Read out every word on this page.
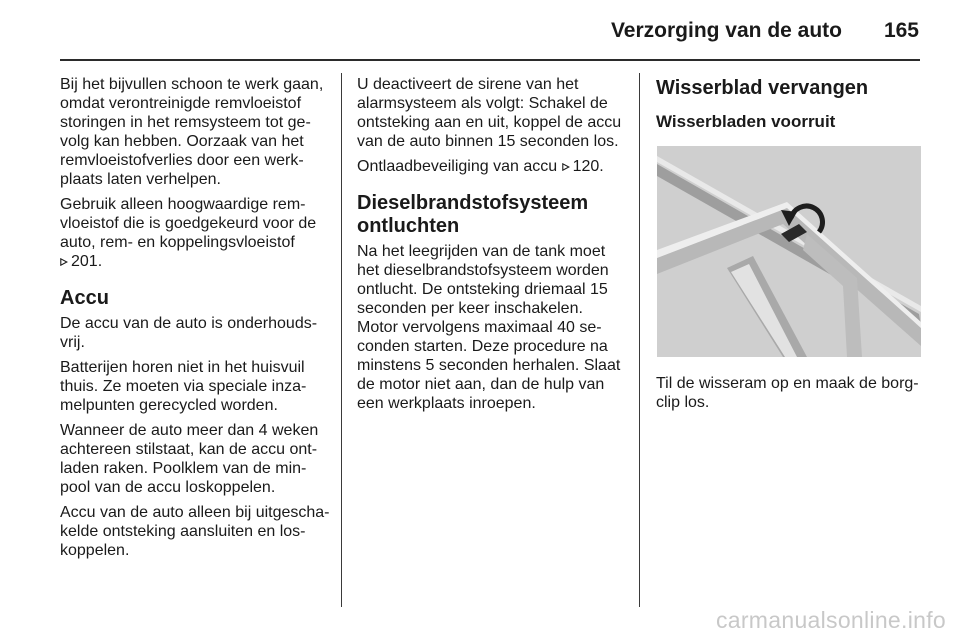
Verzorging van de auto 165

Bij het bijvullen schoon te werk gaan, omdat verontreinigde remvloeistof storingen in het remsysteem tot ge-volg kan hebben. Oorzaak van het remvloeistofverlies door een werk-plaats laten verhelpen.

Gebruik alleen hoogwaardige rem-vloeistof die is goedgekeurd voor de auto, rem- en koppelingsvloeistof
201.

Accu

De accu van de auto is onderhouds-vrij.

Batterijen horen niet in het huisvuil thuis. Ze moeten via speciale inza-melpunten gerecycled worden.

Wanneer de auto meer dan 4 weken achtereen stilstaat, kan de accu ont-laden raken. Poolklem van de min-pool van de accu loskoppelen.

Accu van de auto alleen bij uitgescha-kelde ontsteking aansluiten en los-koppelen.

U deactiveert de sirene van het alarmsysteem als volgt: Schakel de ontsteking aan en uit, koppel de accu van de auto binnen 15 seconden los.

Ontlaadbeveiliging van accu 120.

Dieselbrandstofsysteem ontluchten

Na het leegrijden van de tank moet het dieselbrandstofsysteem worden ontlucht. De ontsteking driemaal 15 seconden per keer inschakelen. Motor vervolgens maximaal 40 se-conden starten. Deze procedure na minstens 5 seconden herhalen. Slaat de motor niet aan, dan de hulp van een werkplaats inroepen.

Wisserblad vervangen
Wisserbladen voorruit

Til de wisseram op en maak de borg-clip los.

carmanualsonline.info
